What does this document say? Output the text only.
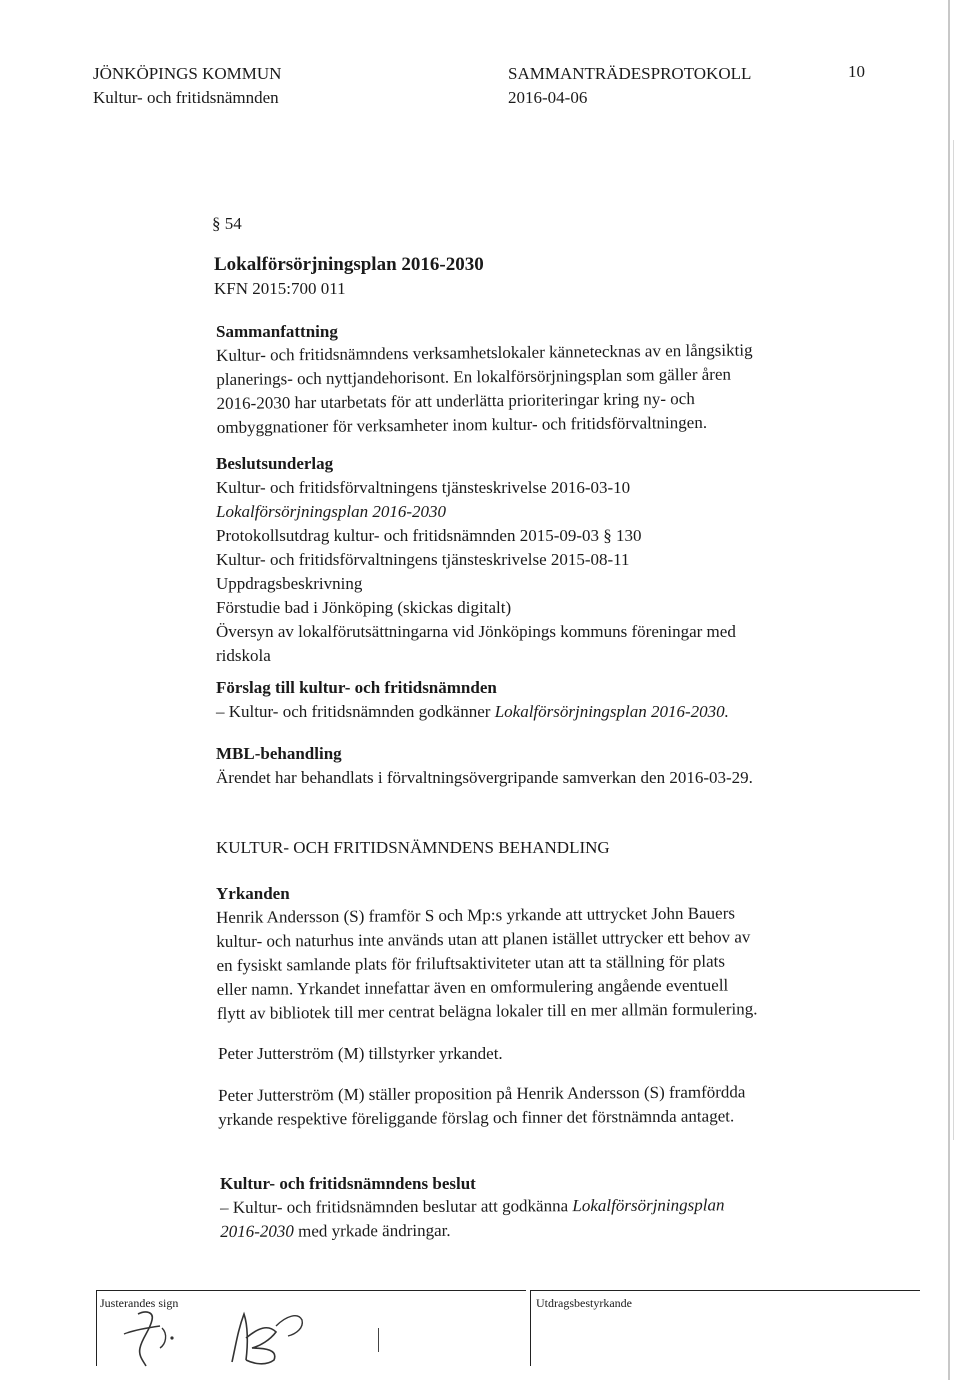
JÖNKÖPINGS KOMMUN
Kultur- och fritidsnämnden
SAMMANTRÄDESPROTOKOLL
2016-04-06
10
§ 54
Lokalförsörjningsplan 2016-2030
KFN 2015:700 011
Sammanfattning
Kultur- och fritidsnämndens verksamhetslokaler kännetecknas av en långsiktig
planerings- och nyttjandehorisont. En lokalförsörjningsplan som gäller åren
2016-2030 har utarbetats för att underlätta prioriteringar kring ny- och
ombyggnationer för verksamheter inom kultur- och fritidsförvaltningen.
Beslutsunderlag
Kultur- och fritidsförvaltningens tjänsteskrivelse 2016-03-10
Lokalförsörjningsplan 2016-2030
Protokollsutdrag kultur- och fritidsnämnden 2015-09-03 § 130
Kultur- och fritidsförvaltningens tjänsteskrivelse 2015-08-11
Uppdragsbeskrivning
Förstudie bad i Jönköping (skickas digitalt)
Översyn av lokalförutsättningarna vid Jönköpings kommuns föreningar med
ridskola
Förslag till kultur- och fritidsnämnden
– Kultur- och fritidsnämnden godkänner Lokalförsörjningsplan 2016-2030.
MBL-behandling
Ärendet har behandlats i förvaltningsövergripande samverkan den 2016-03-29.
KULTUR- OCH FRITIDSNÄMNDENS BEHANDLING
Yrkanden
Henrik Andersson (S) framför S och Mp:s yrkande att uttrycket John Bauers
kultur- och naturhus inte används utan att planen istället uttrycker ett behov av
en fysiskt samlande plats för friluftsaktiviteter utan att ta ställning för plats
eller namn. Yrkandet innefattar även en omformulering angående eventuell
flytt av bibliotek till mer centrat belägna lokaler till en mer allmän formulering.
Peter Jutterström (M) tillstyrker yrkandet.
Peter Jutterström (M) ställer proposition på Henrik Andersson (S) framfördda
yrkande respektive föreliggande förslag och finner det förstnämnda antaget.
Kultur- och fritidsnämndens beslut
– Kultur- och fritidsnämnden beslutar att godkänna Lokalförsörjningsplan
2016-2030 med yrkade ändringar.
Justerandes sign	Utdragsbestyrkande
